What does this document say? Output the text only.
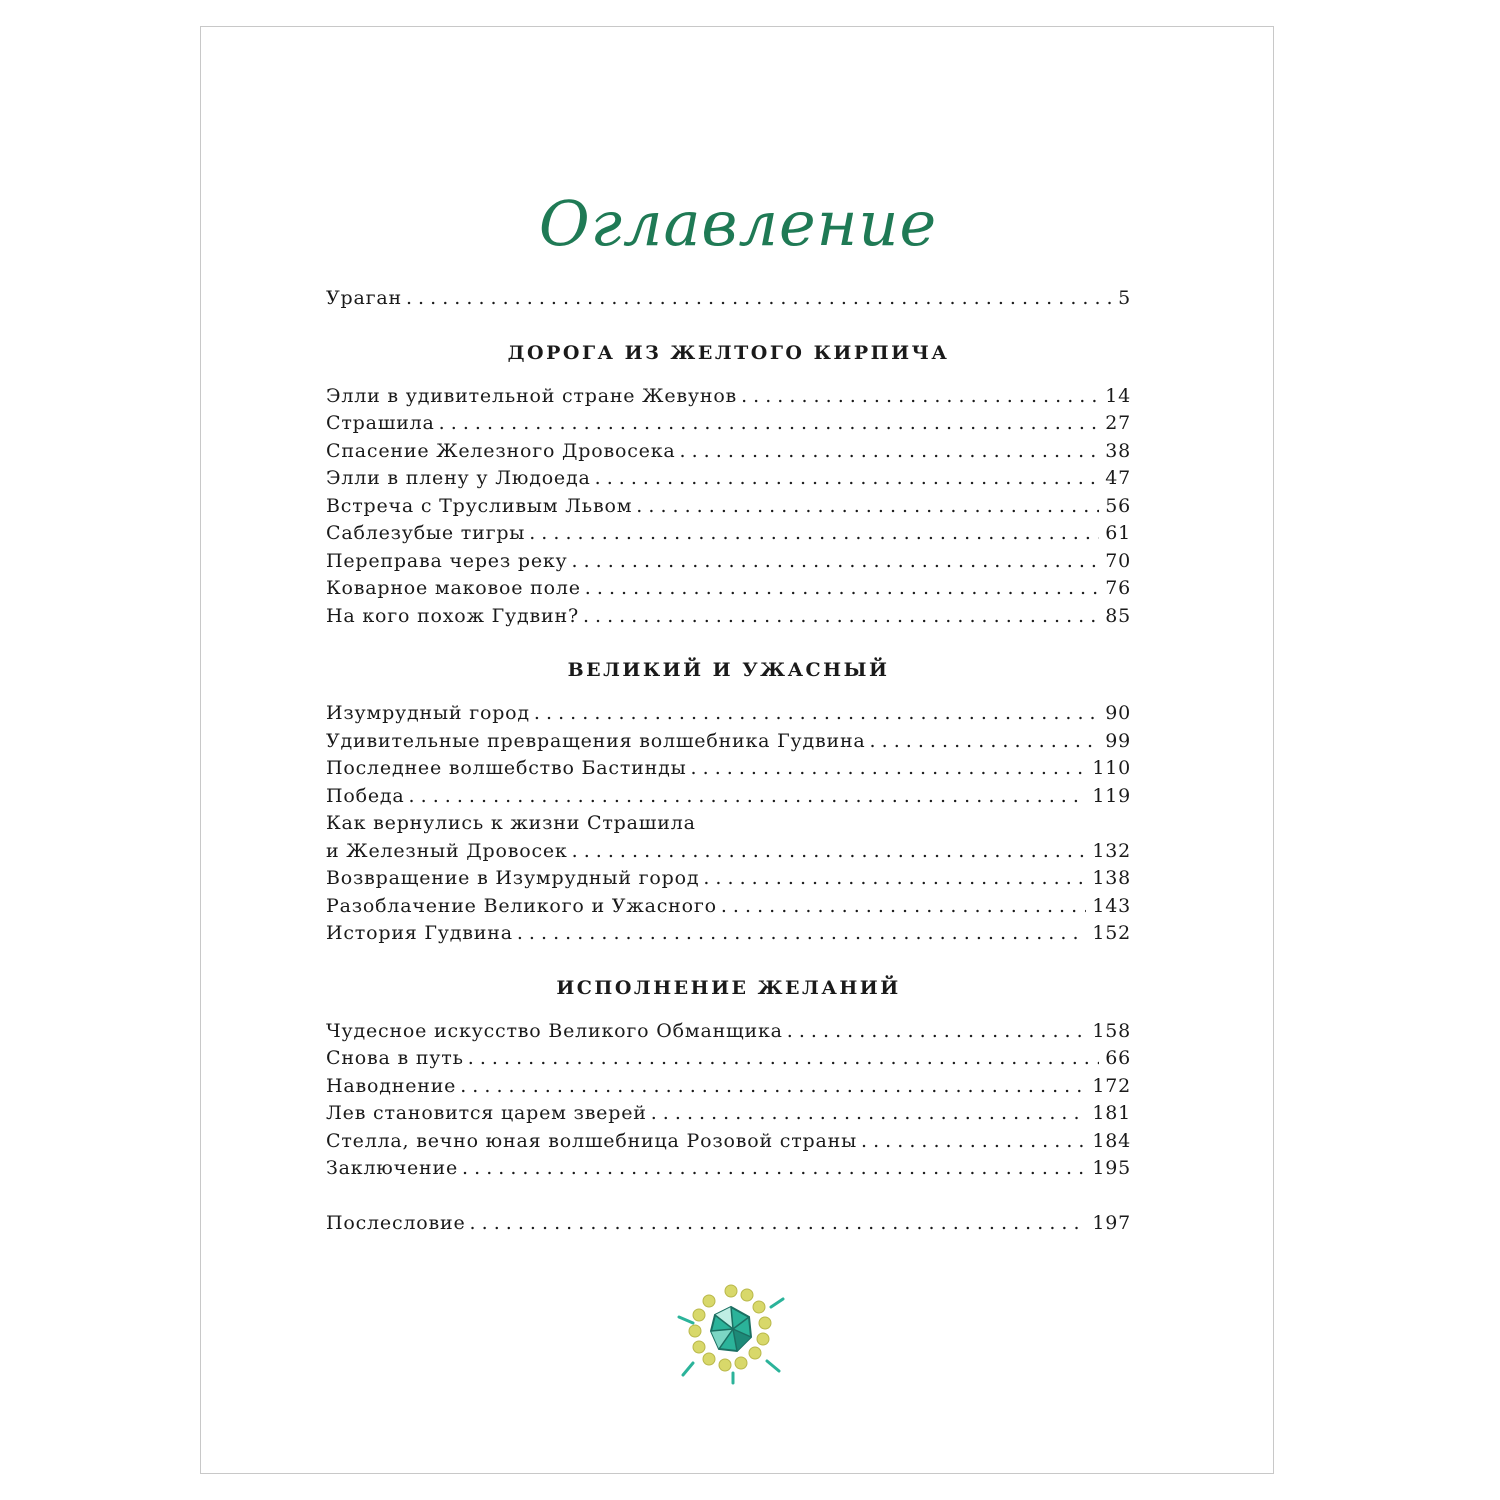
Оглавление
Ураган . . .	5
ДОРОГА ИЗ ЖЕЛТОГО КИРПИЧА
Элли в удивительной стране Жевунов . . .	14
Страшила . . .	27
Спасение Железного Дровосека . . .	38
Элли в плену у Людоеда . . .	47
Встреча с Трусливым Львом . . .	56
Саблезубые тигры . . .	61
Переправа через реку . . .	70
Коварное маковое поле . . .	76
На кого похож Гудвин? . . .	85
ВЕЛИКИЙ И УЖАСНЫЙ
Изумрудный город . . .	90
Удивительные превращения волшебника Гудвина . . .	99
Последнее волшебство Бастинды . . .	110
Победа . . .	119
Как вернулись к жизни Страшила
и Железный Дровосек . . .	132
Возвращение в Изумрудный город . . .	138
Разоблачение Великого и Ужасного . . .	143
История Гудвина . . .	152
ИСПОЛНЕНИЕ ЖЕЛАНИЙ
Чудесное искусство Великого Обманщика . . .	158
Снова в путь . . .	66
Наводнение . . .	172
Лев становится царем зверей . . .	181
Стелла, вечно юная волшебница Розовой страны . . .	184
Заключение . . .	195
Послесловие . . .	197
